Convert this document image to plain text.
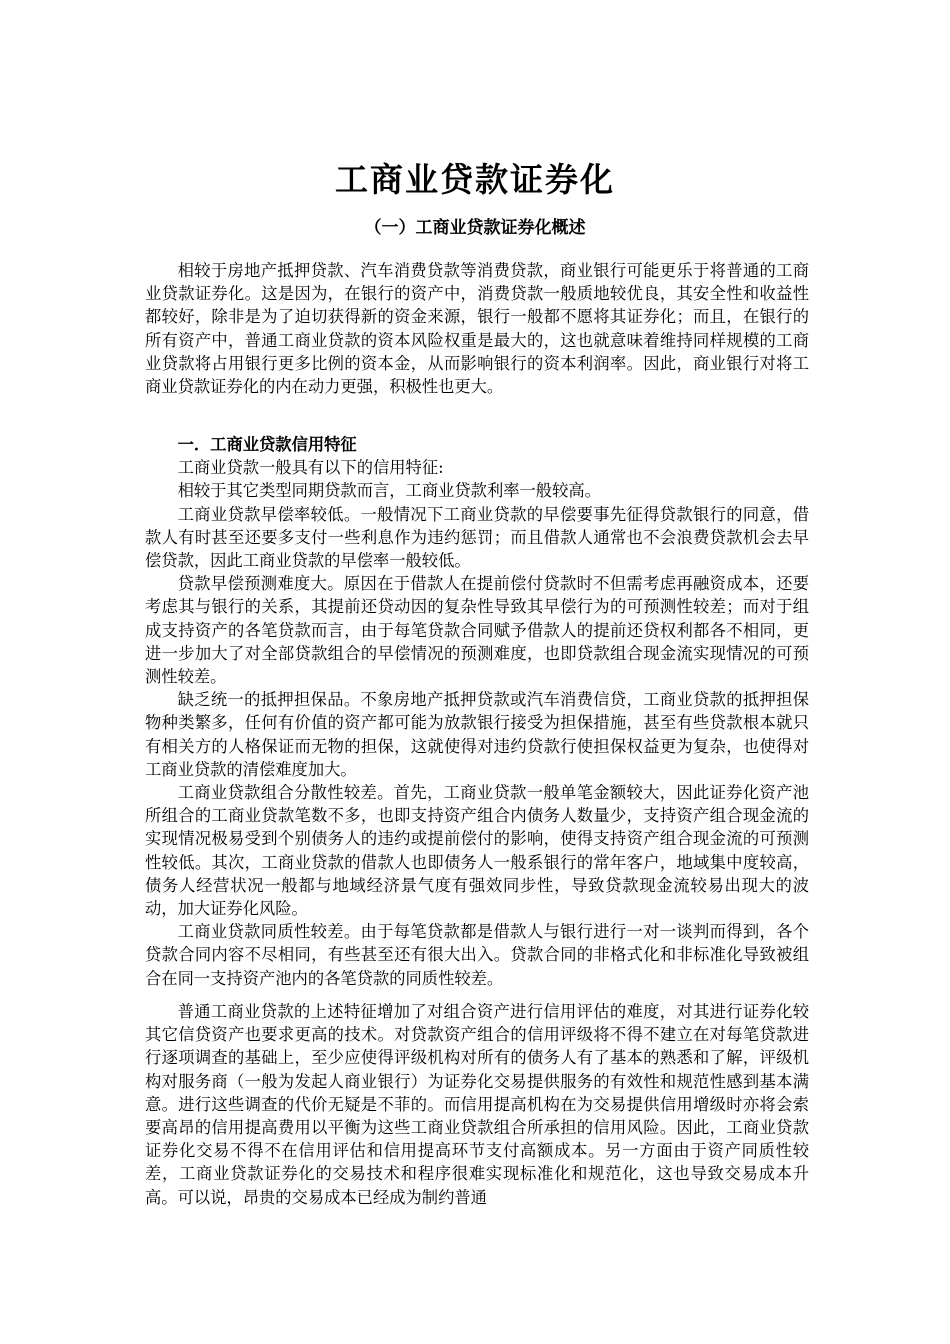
工商业贷款证券化
（一）工商业贷款证券化概述

相较于房地产抵押贷款、汽车消费贷款等消费贷款，商业银行可能更乐于将普通的工商业贷款证券化。这是因为，在银行的资产中，消费贷款一般质地较优良，其安全性和收益性都较好，除非是为了迫切获得新的资金来源，银行一般都不愿将其证券化；而且，在银行的所有资产中，普通工商业贷款的资本风险权重是最大的，这也就意味着维持同样规模的工商业贷款将占用银行更多比例的资本金，从而影响银行的资本利润率。因此，商业银行对将工商业贷款证券化的内在动力更强，积极性也更大。

一．工商业贷款信用特征

工商业贷款一般具有以下的信用特征:

相较于其它类型同期贷款而言，工商业贷款利率一般较高。

工商业贷款早偿率较低。一般情况下工商业贷款的早偿要事先征得贷款银行的同意，借款人有时甚至还要多支付一些利息作为违约惩罚；而且借款人通常也不会浪费贷款机会去早偿贷款，因此工商业贷款的早偿率一般较低。

贷款早偿预测难度大。原因在于借款人在提前偿付贷款时不但需考虑再融资成本，还要考虑其与银行的关系，其提前还贷动因的复杂性导致其早偿行为的可预测性较差；而对于组成支持资产的各笔贷款而言，由于每笔贷款合同赋予借款人的提前还贷权利都各不相同，更进一步加大了对全部贷款组合的早偿情况的预测难度，也即贷款组合现金流实现情况的可预测性较差。

缺乏统一的抵押担保品。不象房地产抵押贷款或汽车消费信贷，工商业贷款的抵押担保物种类繁多，任何有价值的资产都可能为放款银行接受为担保措施，甚至有些贷款根本就只有相关方的人格保证而无物的担保，这就使得对违约贷款行使担保权益更为复杂，也使得对工商业贷款的清偿难度加大。

工商业贷款组合分散性较差。首先，工商业贷款一般单笔金额较大，因此证券化资产池所组合的工商业贷款笔数不多，也即支持资产组合内债务人数量少，支持资产组合现金流的实现情况极易受到个别债务人的违约或提前偿付的影响，使得支持资产组合现金流的可预测性较低。其次，工商业贷款的借款人也即债务人一般系银行的常年客户，地域集中度较高，债务人经营状况一般都与地域经济景气度有强效同步性，导致贷款现金流较易出现大的波动，加大证券化风险。

工商业贷款同质性较差。由于每笔贷款都是借款人与银行进行一对一谈判而得到，各个贷款合同内容不尽相同，有些甚至还有很大出入。贷款合同的非格式化和非标准化导致被组合在同一支持资产池内的各笔贷款的同质性较差。

普通工商业贷款的上述特征增加了对组合资产进行信用评估的难度，对其进行证券化较其它信贷资产也要求更高的技术。对贷款资产组合的信用评级将不得不建立在对每笔贷款进行逐项调查的基础上，至少应使得评级机构对所有的债务人有了基本的熟悉和了解，评级机构对服务商（一般为发起人商业银行）为证券化交易提供服务的有效性和规范性感到基本满意。进行这些调查的代价无疑是不菲的。而信用提高机构在为交易提供信用增级时亦将会索要高昂的信用提高费用以平衡为这些工商业贷款组合所承担的信用风险。因此，工商业贷款证券化交易不得不在信用评估和信用提高环节支付高额成本。另一方面由于资产同质性较差，工商业贷款证券化的交易技术和程序很难实现标准化和规范化，这也导致交易成本升高。可以说，昂贵的交易成本已经成为制约普通
